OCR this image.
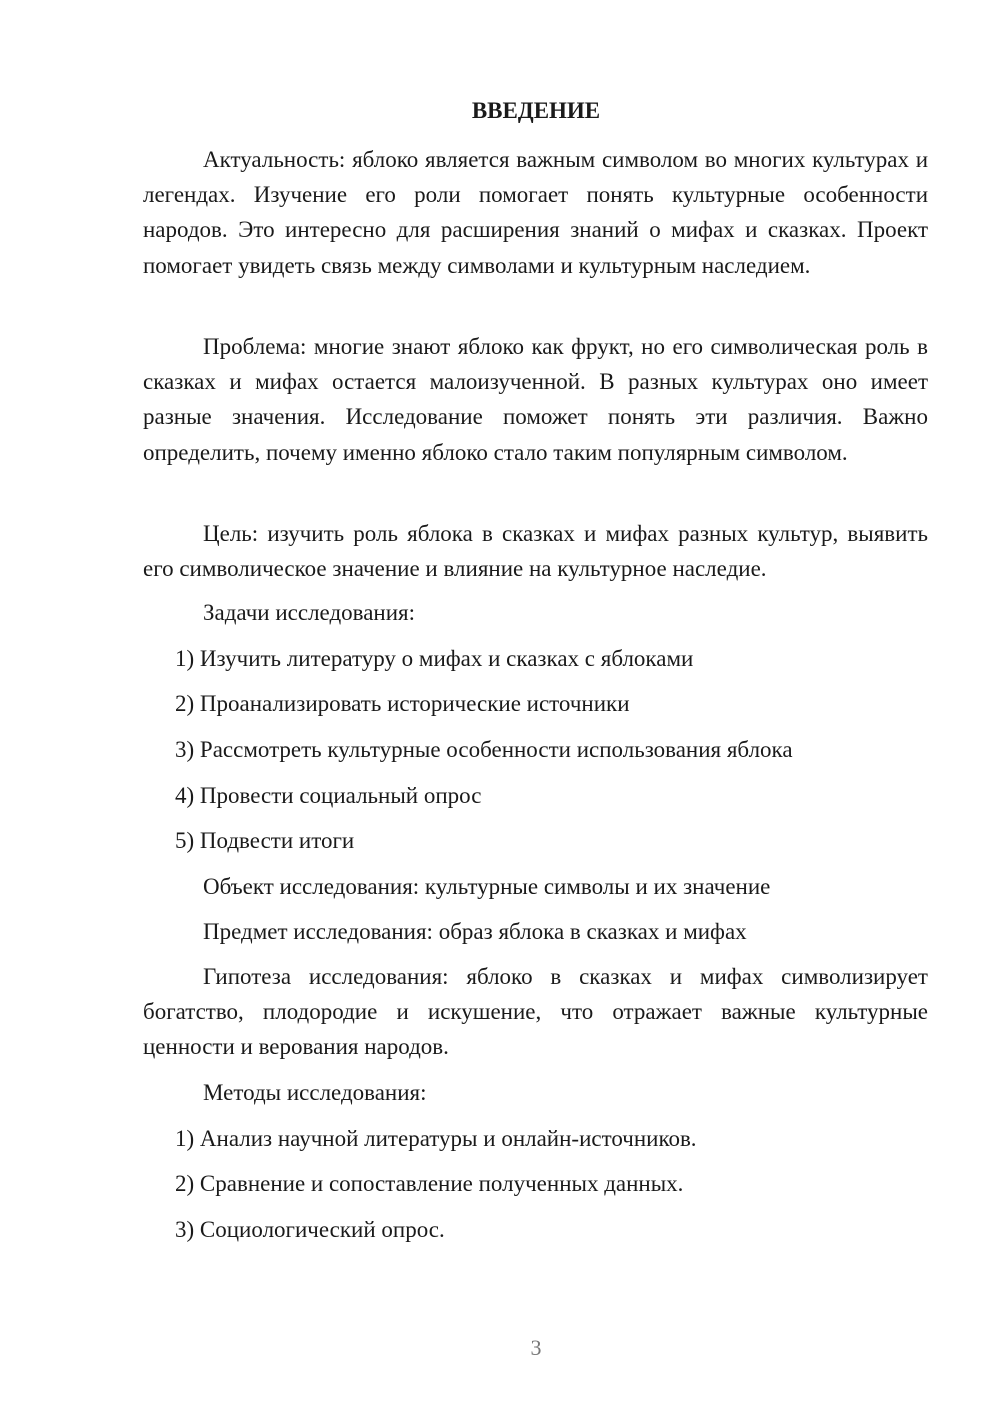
ВВЕДЕНИЕ

Актуальность: яблоко является важным символом во многих культурах и легендах. Изучение его роли помогает понять культурные особенности народов. Это интересно для расширения знаний о мифах и сказках. Проект помогает увидеть связь между символами и культурным наследием.

Проблема: многие знают яблоко как фрукт, но его символическая роль в сказках и мифах остается малоизученной. В разных культурах оно имеет разные значения. Исследование поможет понять эти различия. Важно определить, почему именно яблоко стало таким популярным символом.

Цель: изучить роль яблока в сказках и мифах разных культур, выявить его символическое значение и влияние на культурное наследие.

Задачи исследования:
1) Изучить литературу о мифах и сказках с яблоками
2) Проанализировать исторические источники
3) Рассмотреть культурные особенности использования яблока
4) Провести социальный опрос
5) Подвести итоги
Объект исследования: культурные символы и их значение
Предмет исследования: образ яблока в сказках и мифах

Гипотеза исследования: яблоко в сказках и мифах символизирует богатство, плодородие и искушение, что отражает важные культурные ценности и верования народов.

Методы исследования:
1) Анализ научной литературы и онлайн-источников.
2) Сравнение и сопоставление полученных данных.
3) Социологический опрос.
3
